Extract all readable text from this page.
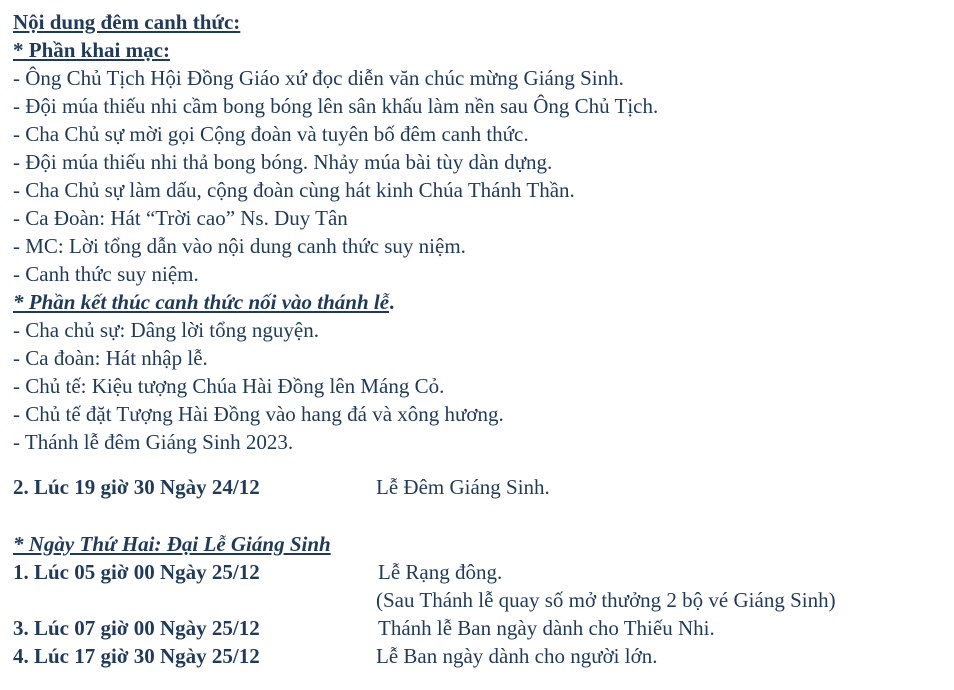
Nội dung đêm canh thức:
* Phần khai mạc:
- Ông Chủ Tịch Hội Đồng Giáo xứ đọc diễn văn chúc mừng Giáng Sinh.
- Đội múa thiếu nhi cầm bong bóng lên sân khấu làm nền sau Ông Chủ Tịch.
- Cha Chủ sự mời gọi Cộng đoàn và tuyên bố đêm canh thức.
- Đội múa thiếu nhi thả bong bóng. Nhảy múa bài tùy dàn dựng.
- Cha Chủ sự làm dấu, cộng đoàn cùng hát kinh Chúa Thánh Thần.
- Ca Đoàn: Hát “Trời cao” Ns. Duy Tân
- MC: Lời tổng dẫn vào nội dung canh thức suy niệm.
- Canh thức suy niệm.
* Phần kết thúc canh thức nối vào thánh lễ.
- Cha chủ sự: Dâng lời tổng nguyện.
- Ca đoàn: Hát nhập lễ.
- Chủ tế: Kiệu tượng Chúa Hài Đồng lên Máng Cỏ.
- Chủ tế đặt Tượng Hài Đồng vào hang đá và xông hương.
- Thánh lễ đêm Giáng Sinh 2023.
2. Lúc 19 giờ 30 Ngày 24/12	Lễ Đêm Giáng Sinh.
* Ngày Thứ Hai: Đại Lễ Giáng Sinh
1. Lúc 05 giờ 00 Ngày 25/12	Lễ Rạng đông.
(Sau Thánh lễ quay số mở thưởng 2 bộ vé Giáng Sinh)
3. Lúc 07 giờ 00 Ngày 25/12	Thánh lễ Ban ngày dành cho Thiếu Nhi.
4. Lúc 17 giờ 30 Ngày 25/12	Lễ Ban ngày dành cho người lớn.
